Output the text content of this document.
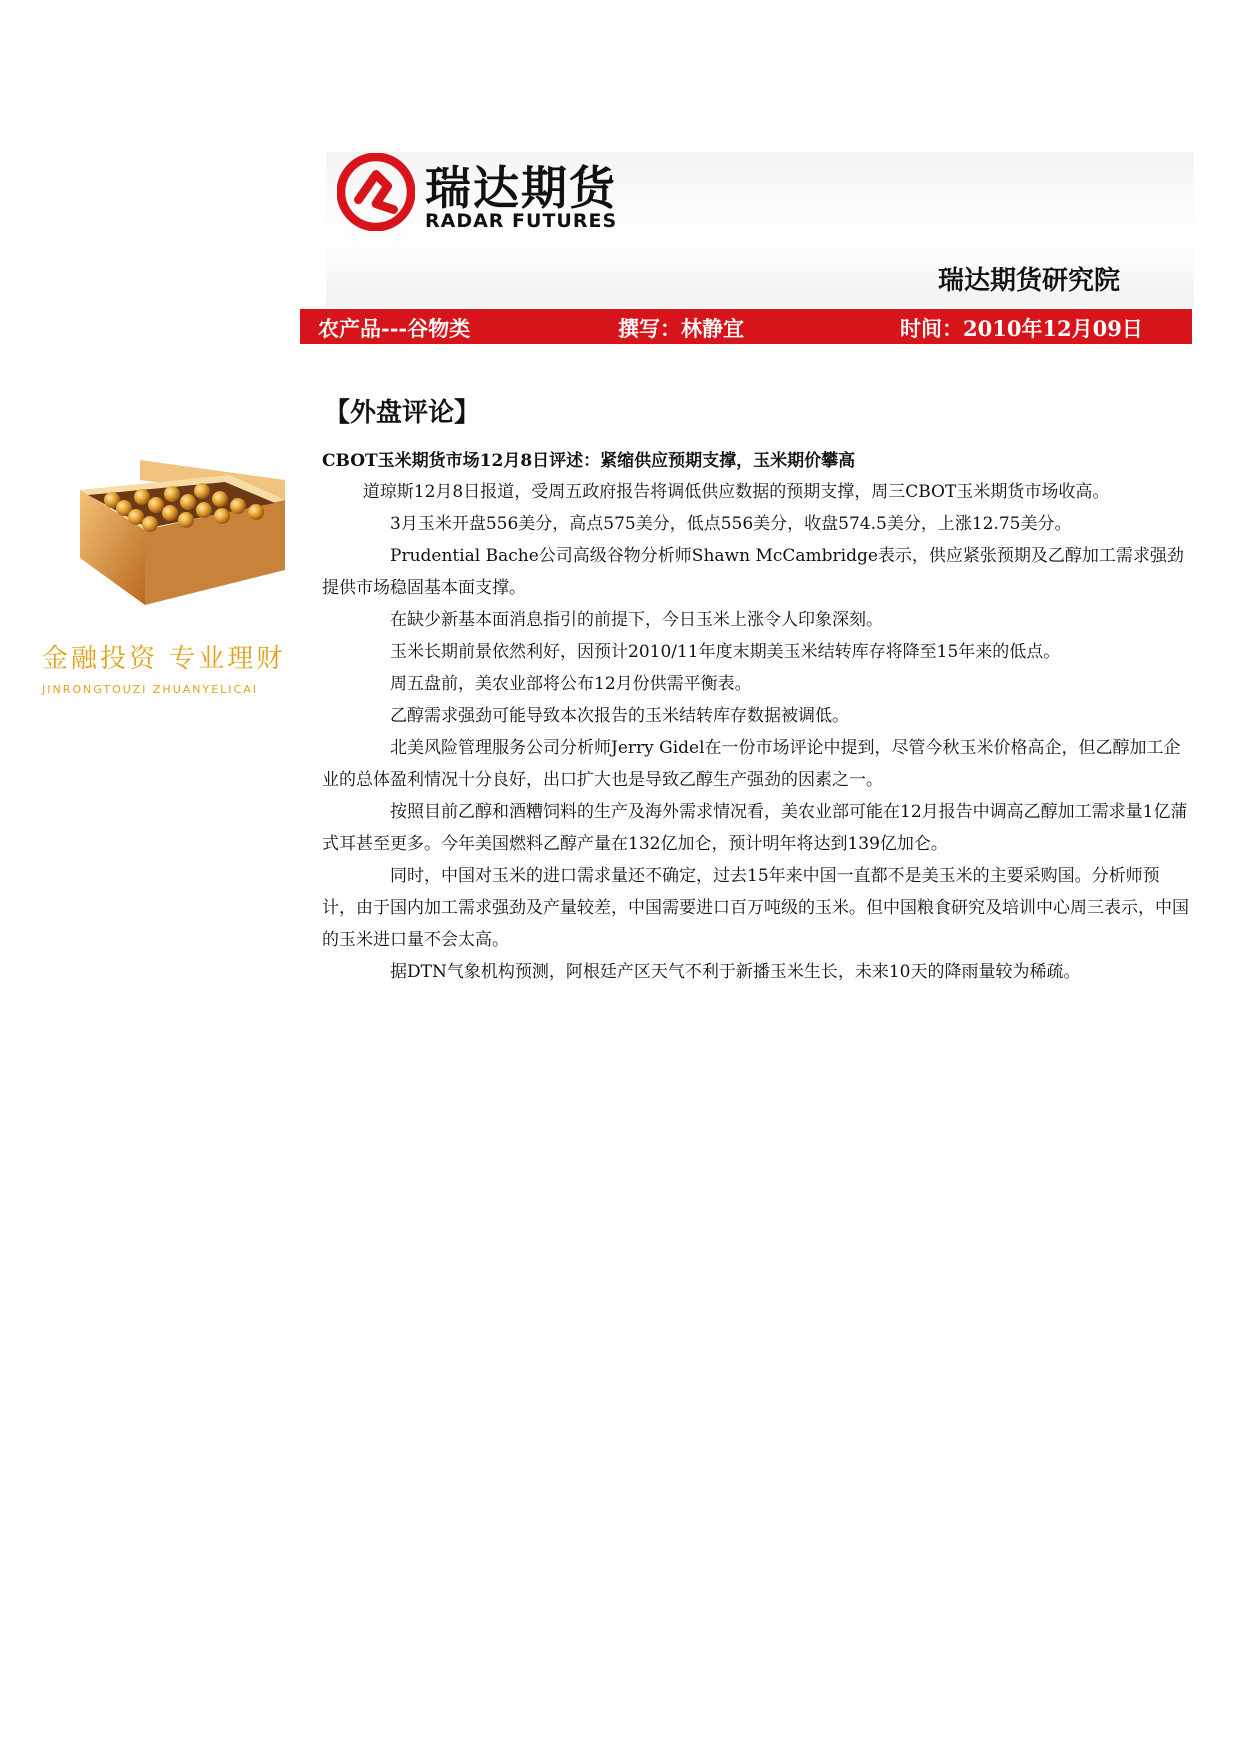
瑞达期货
RADAR FUTURES
瑞达期货研究院
农产品---谷物类	撰写：林静宜	时间：2010年12月09日
金融投资 专业理财
JINRONGTOUZI ZHUANYELICAI
【外盘评论】
CBOT玉米期货市场12月8日评述：紧缩供应预期支撑，玉米期价攀高

道琼斯12月8日报道，受周五政府报告将调低供应数据的预期支撑，周三CBOT玉米期货市场收高。

3月玉米开盘556美分，高点575美分，低点556美分，收盘574.5美分，上涨12.75美分。

Prudential Bache公司高级谷物分析师Shawn McCambridge表示，供应紧张预期及乙醇加工需求强劲提供市场稳固基本面支撑。

在缺少新基本面消息指引的前提下，今日玉米上涨令人印象深刻。

玉米长期前景依然利好，因预计2010/11年度末期美玉米结转库存将降至15年来的低点。

周五盘前，美农业部将公布12月份供需平衡表。

乙醇需求强劲可能导致本次报告的玉米结转库存数据被调低。

北美风险管理服务公司分析师Jerry Gidel在一份市场评论中提到，尽管今秋玉米价格高企，但乙醇加工企业的总体盈利情况十分良好，出口扩大也是导致乙醇生产强劲的因素之一。

按照目前乙醇和酒糟饲料的生产及海外需求情况看，美农业部可能在12月报告中调高乙醇加工需求量1亿蒲式耳甚至更多。今年美国燃料乙醇产量在132亿加仑，预计明年将达到139亿加仑。

同时，中国对玉米的进口需求量还不确定，过去15年来中国一直都不是美玉米的主要采购国。分析师预计，由于国内加工需求强劲及产量较差，中国需要进口百万吨级的玉米。但中国粮食研究及培训中心周三表示，中国的玉米进口量不会太高。

据DTN气象机构预测，阿根廷产区天气不利于新播玉米生长，未来10天的降雨量较为稀疏。
